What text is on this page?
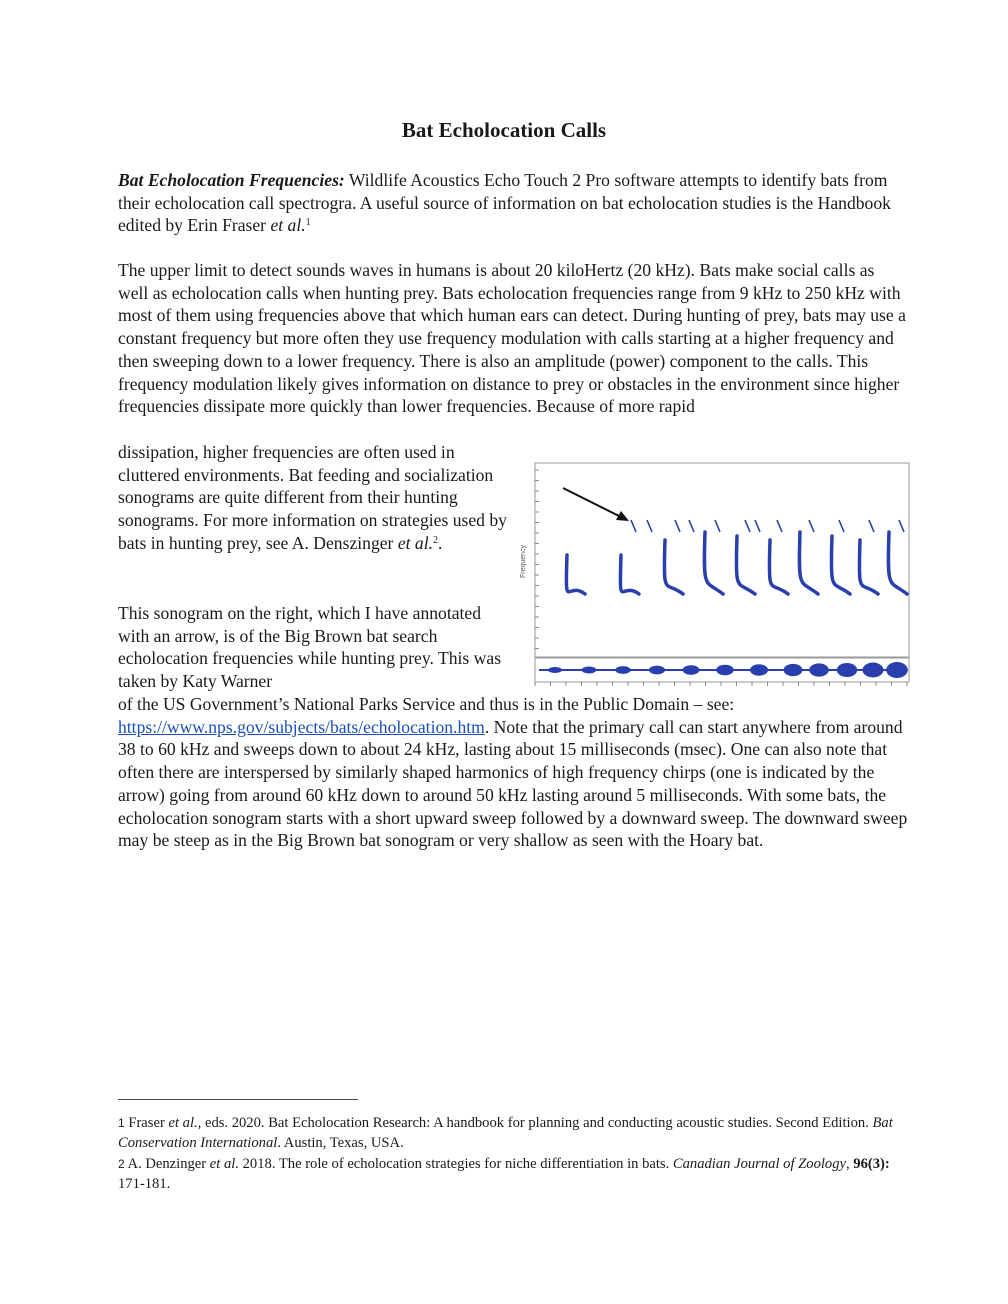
Bat Echolocation Calls

Bat Echolocation Frequencies: Wildlife Acoustics Echo Touch 2 Pro software attempts to identify bats from their echolocation call spectrogra. A useful source of information on bat echolocation studies is the Handbook edited by Erin Fraser et al.$^1$

The upper limit to detect sounds waves in humans is about 20 kiloHertz (20 kHz). Bats make social calls as well as echolocation calls when hunting prey. Bats echolocation frequencies range from 9 kHz to 250 kHz with most of them using frequencies above that which human ears can detect. During hunting of prey, bats may use a constant frequency but more often they use frequency modulation with calls starting at a higher frequency and then sweeping down to a lower frequency. There is also an amplitude (power) component to the calls. This frequency modulation likely gives information on distance to prey or obstacles in the environment since higher frequencies dissipate more quickly than lower frequencies. Because of more rapid

dissipation, higher frequencies are often used in cluttered environments. Bat feeding and socialization sonograms are quite different from their hunting sonograms. For more information on strategies used by bats in hunting prey, see A. Denszinger et al.$^2$.

This sonogram on the right, which I have annotated with an arrow, is of the Big Brown bat search echolocation frequencies while hunting prey. This was taken by Katy Warner

of the US Government’s National Parks Service and thus is in the Public Domain – see: https://www.nps.gov/subjects/bats/echolocation.htm. Note that the primary call can start anywhere from around 38 to 60 kHz and sweeps down to about 24 kHz, lasting about 15 milliseconds (msec). One can also note that often there are interspersed by similarly shaped harmonics of high frequency chirps (one is indicated by the arrow) going from around 60 kHz down to around 50 kHz lasting around 5 milliseconds. With some bats, the echolocation sonogram starts with a short upward sweep followed by a downward sweep. The downward sweep may be steep as in the Big Brown bat sonogram or very shallow as seen with the Hoary bat.

Frequency

$^1$ Fraser et al., eds. 2020. Bat Echolocation Research: A handbook for planning and conducting acoustic studies. Second Edition. Bat Conservation International. Austin, Texas, USA.

$^2$ A. Denzinger et al. 2018. The role of echolocation strategies for niche differentiation in bats. Canadian Journal of Zoology, 96(3): 171-181.
